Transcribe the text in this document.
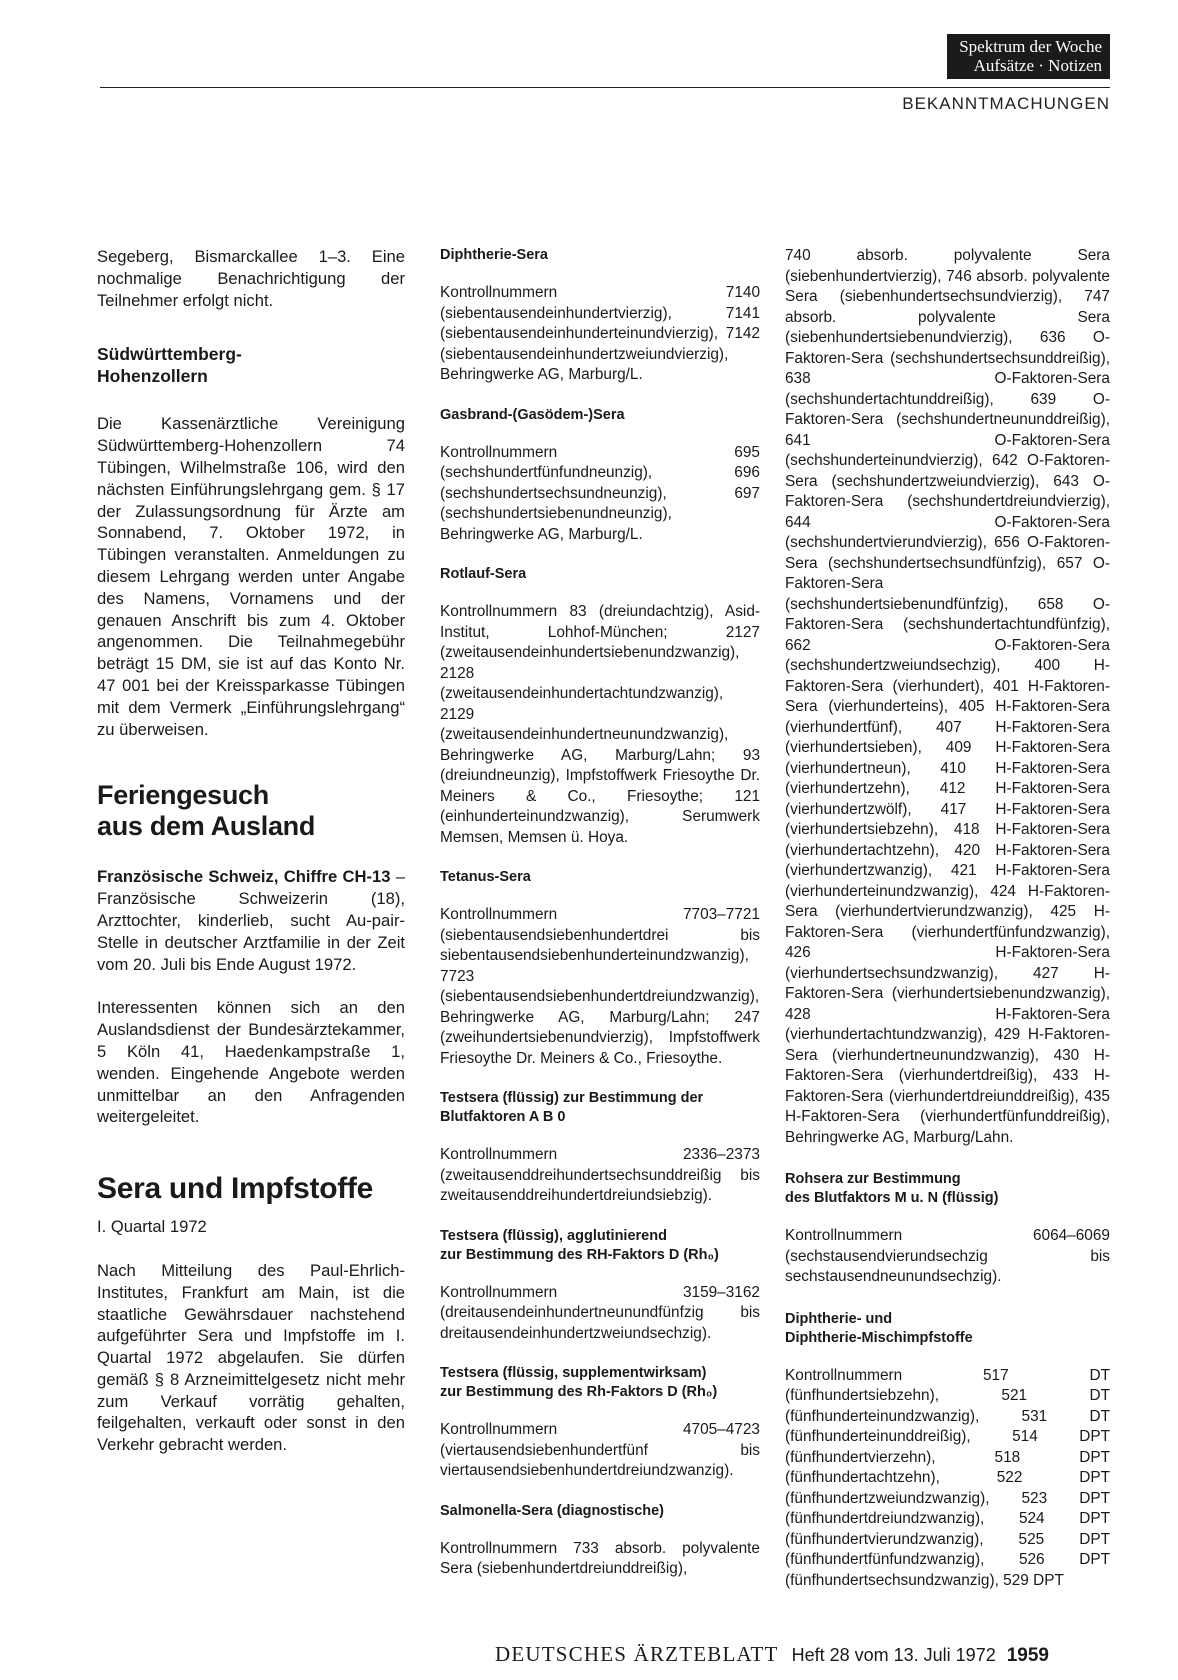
Spektrum der Woche
Aufsätze · Notizen
BEKANNTMACHUNGEN

Segeberg, Bismarckallee 1–3. Eine nochmalige Benachrichtigung der Teilnehmer erfolgt nicht.

Südwürttemberg-
Hohenzollern

Die Kassenärztliche Vereinigung Südwürttemberg-Hohenzollern 74 Tübingen, Wilhelmstraße 106, wird den nächsten Einführungslehrgang gem. § 17 der Zulassungsordnung für Ärzte am Sonnabend, 7. Oktober 1972, in Tübingen veranstalten. Anmeldungen zu diesem Lehrgang werden unter Angabe des Namens, Vornamens und der genauen Anschrift bis zum 4. Oktober angenommen. Die Teilnahmegebühr beträgt 15 DM, sie ist auf das Konto Nr. 47 001 bei der Kreissparkasse Tübingen mit dem Vermerk „Einführungslehrgang“ zu überweisen.

Feriengesuch
aus dem Ausland

Französische Schweiz, Chiffre CH-13 – Französische Schweizerin (18), Arzttochter, kinderlieb, sucht Au-pair-Stelle in deutscher Arztfamilie in der Zeit vom 20. Juli bis Ende August 1972.

Interessenten können sich an den Auslandsdienst der Bundesärztekammer, 5 Köln 41, Haedenkampstraße 1, wenden. Eingehende Angebote werden unmittelbar an den Anfragenden weitergeleitet.

Sera und Impfstoffe

I. Quartal 1972

Nach Mitteilung des Paul-Ehrlich-Institutes, Frankfurt am Main, ist die staatliche Gewährsdauer nachstehend aufgeführter Sera und Impfstoffe im I. Quartal 1972 abgelaufen. Sie dürfen gemäß § 8 Arzneimittelgesetz nicht mehr zum Verkauf vorrätig gehalten, feilgehalten, verkauft oder sonst in den Verkehr gebracht werden.

Diphtherie-Sera

Kontrollnummern 7140 (siebentausendeinhundertvierzig), 7141 (siebentausendeinhunderteinundvierzig), 7142 (siebentausendeinhundertzweiundvierzig), Behringwerke AG, Marburg/L.

Gasbrand-(Gasödem-)Sera

Kontrollnummern 695 (sechshundertfünfundneunzig), 696 (sechshundertsechsundneunzig), 697 (sechshundertsiebenundneunzig), Behringwerke AG, Marburg/L.

Rotlauf-Sera

Kontrollnummern 83 (dreiundachtzig), Asid-Institut, Lohhof-München; 2127 (zweitausendeinhundertsiebenundzwanzig), 2128 (zweitausendeinhundertachtundzwanzig), 2129 (zweitausendeinhundertneunundzwanzig), Behringwerke AG, Marburg/Lahn; 93 (dreiundneunzig), Impfstoffwerk Friesoythe Dr. Meiners & Co., Friesoythe; 121 (einhunderteinundzwanzig), Serumwerk Memsen, Memsen ü. Hoya.

Tetanus-Sera

Kontrollnummern 7703–7721 (siebentausendsiebenhundertdrei bis siebentausendsiebenhunderteinundzwanzig), 7723 (siebentausendsiebenhundertdreiundzwanzig), Behringwerke AG, Marburg/Lahn; 247 (zweihundertsiebenundvierzig), Impfstoffwerk Friesoythe Dr. Meiners & Co., Friesoythe.

Testsera (flüssig) zur Bestimmung der Blutfaktoren A B 0

Kontrollnummern 2336–2373 (zweitausenddreihundertsechsunddreißig bis zweitausenddreihundertdreiundsiebzig).

Testsera (flüssig), agglutinierend
zur Bestimmung des RH-Faktors D (Rh₀)

Kontrollnummern 3159–3162 (dreitausendeinhundertneunundfünfzig bis dreitausendeinhundertzweiundsechzig).

Testsera (flüssig, supplementwirksam)
zur Bestimmung des Rh-Faktors D (Rh₀)

Kontrollnummern 4705–4723 (viertausendsiebenhundertfünf bis viertausendsiebenhundertdreiundzwanzig).

Salmonella-Sera (diagnostische)

Kontrollnummern 733 absorb. polyvalente Sera (siebenhundertdreiunddreißig),

740 absorb. polyvalente Sera (siebenhundertvierzig), 746 absorb. polyvalente Sera (siebenhundertsechsundvierzig), 747 absorb. polyvalente Sera (siebenhundertsiebenundvierzig), 636 O-Faktoren-Sera (sechshundertsechsunddreißig), 638 O-Faktoren-Sera (sechshundertachtunddreißig), 639 O-Faktoren-Sera (sechshundertneununddreißig), 641 O-Faktoren-Sera (sechshunderteinundvierzig), 642 O-Faktoren-Sera (sechshundertzweiundvierzig), 643 O-Faktoren-Sera (sechshundertdreiundvierzig), 644 O-Faktoren-Sera (sechshundertvierundvierzig), 656 O-Faktoren-Sera (sechshundertsechsundfünfzig), 657 O-Faktoren-Sera (sechshundertsiebenundfünfzig), 658 O-Faktoren-Sera (sechshundertachtundfünfzig), 662 O-Faktoren-Sera (sechshundertzweiundsechzig), 400 H-Faktoren-Sera (vierhundert), 401 H-Faktoren-Sera (vierhunderteins), 405 H-Faktoren-Sera (vierhundertfünf), 407 H-Faktoren-Sera (vierhundertsieben), 409 H-Faktoren-Sera (vierhundertneun), 410 H-Faktoren-Sera (vierhundertzehn), 412 H-Faktoren-Sera (vierhundertzwölf), 417 H-Faktoren-Sera (vierhundertsiebzehn), 418 H-Faktoren-Sera (vierhundertachtzehn), 420 H-Faktoren-Sera (vierhundertzwanzig), 421 H-Faktoren-Sera (vierhunderteinundzwanzig), 424 H-Faktoren-Sera (vierhundertvierundzwanzig), 425 H-Faktoren-Sera (vierhundertfünfundzwanzig), 426 H-Faktoren-Sera (vierhundertsechsundzwanzig), 427 H-Faktoren-Sera (vierhundertsiebenundzwanzig), 428 H-Faktoren-Sera (vierhundertachtundzwanzig), 429 H-Faktoren-Sera (vierhundertneunundzwanzig), 430 H-Faktoren-Sera (vierhundertdreißig), 433 H-Faktoren-Sera (vierhundertdreiunddreißig), 435 H-Faktoren-Sera (vierhundertfünfunddreißig), Behringwerke AG, Marburg/Lahn.

Rohsera zur Bestimmung
des Blutfaktors M u. N (flüssig)

Kontrollnummern 6064–6069 (sechstausendvierundsechzig bis sechstausendneunundsechzig).

Diphtherie- und
Diphtherie-Mischimpfstoffe

Kontrollnummern 517 DT (fünfhundertsiebzehn), 521 DT (fünfhunderteinundzwanzig), 531 DT (fünfhunderteinunddreißig), 514 DPT (fünfhundertvierzehn), 518 DPT (fünfhundertachtzehn), 522 DPT (fünfhundertzweiundzwanzig), 523 DPT (fünfhundertdreiundzwanzig), 524 DPT (fünfhundertvierundzwanzig), 525 DPT (fünfhundertfünfundzwanzig), 526 DPT (fünfhundertsechsundzwanzig), 529 DPT

DEUTSCHES ÄRZTEBLATT Heft 28 vom 13. Juli 1972 1959
